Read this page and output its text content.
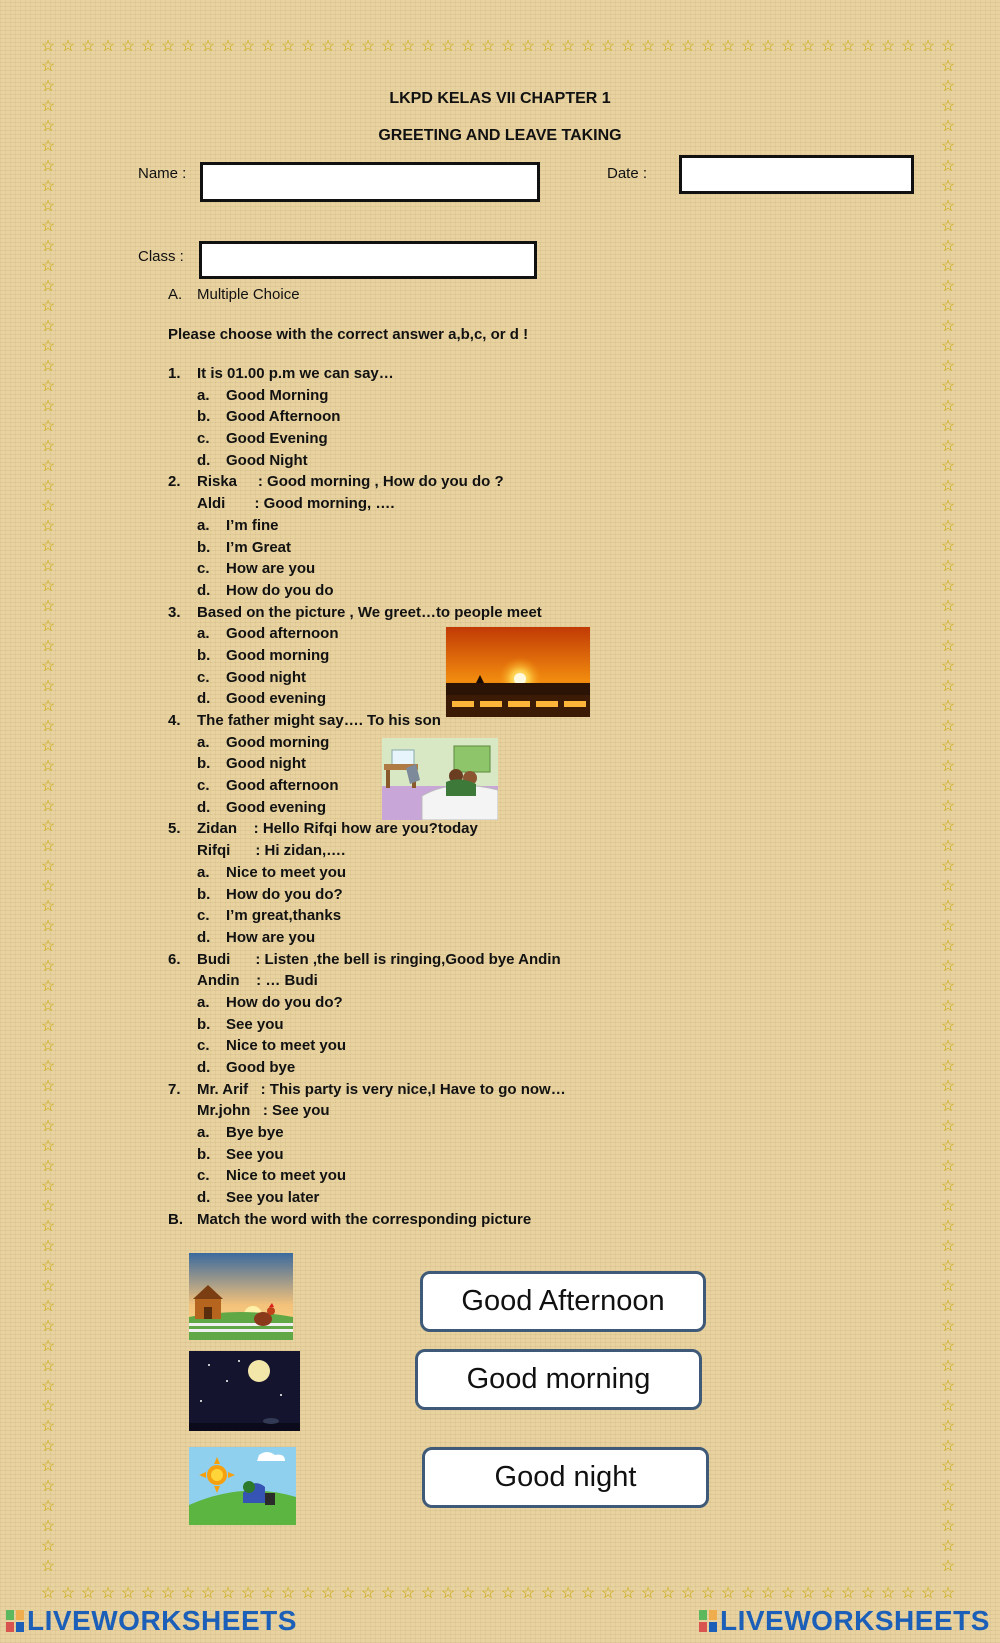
☆ ☆ ☆ ☆ ☆ ☆ ☆ ☆ ☆ ☆ ☆ ☆ ☆ ☆ ☆ ☆ ☆ ☆ ☆ ☆ ☆ ☆ ☆ ☆ ☆ ☆ ☆ ☆ ☆ ☆ ☆ ☆ ☆ ☆ ☆ ☆ ☆ ☆ ☆ ☆ ☆ ☆ ☆ ☆ ☆ ☆
☆ ☆ ☆ ☆ ☆ ☆ ☆ ☆ ☆ ☆ ☆ ☆ ☆ ☆ ☆ ☆ ☆ ☆ ☆ ☆ ☆ ☆ ☆ ☆ ☆ ☆ ☆ ☆ ☆ ☆ ☆ ☆ ☆ ☆ ☆ ☆ ☆ ☆ ☆ ☆ ☆ ☆ ☆ ☆ ☆ ☆
☆
☆
☆
☆
☆
☆
☆
☆
☆
☆
☆
☆
☆
☆
☆
☆
☆
☆
☆
☆
☆
☆
☆
☆
☆
☆
☆
☆
☆
☆
☆
☆
☆
☆
☆
☆
☆
☆
☆
☆
☆
☆
☆
☆
☆
☆
☆
☆
☆
☆
☆
☆
☆
☆
☆
☆
☆
☆
☆
☆
☆
☆
☆
☆
☆
☆
☆
☆
☆
☆
☆
☆
☆
☆
☆
☆

☆
☆
☆
☆
☆
☆
☆
☆
☆
☆
☆
☆
☆
☆
☆
☆
☆
☆
☆
☆
☆
☆
☆
☆
☆
☆
☆
☆
☆
☆
☆
☆
☆
☆
☆
☆
☆
☆
☆
☆
☆
☆
☆
☆
☆
☆
☆
☆
☆
☆
☆
☆
☆
☆
☆
☆
☆
☆
☆
☆
☆
☆
☆
☆
☆
☆
☆
☆
☆
☆
☆
☆
☆
☆
☆
☆

LKPD KELAS VII CHAPTER 1
GREETING AND LEAVE TAKING
Name :	Date :
Class :
A. Multiple Choice
Please choose with the correct answer a,b,c, or d !
1. It is 01.00 p.m we can say…
a. Good Morning
b. Good Afternoon
c. Good Evening
d. Good Night
2. Riska     : Good morning , How do you do ?
Aldi       : Good morning, ….
a. I’m fine
b. I’m Great
c. How are you
d. How do you do
3. Based on the picture , We greet…to people meet
a. Good afternoon
b. Good morning
c. Good night
d. Good evening
4. The father might say…. To his son
a. Good morning
b. Good night
c. Good afternoon
d. Good evening
5. Zidan    : Hello Rifqi how are you?today
Rifqi      : Hi zidan,….
a. Nice to meet you
b. How do you do?
c. I’m great,thanks
d. How are you
6. Budi      : Listen ,the bell is ringing,Good bye Andin
Andin    : … Budi
a. How do you do?
b. See you
c. Nice to meet you
d. Good bye
7. Mr. Arif   : This party is very nice,I Have to go now…
Mr.john   : See you
a. Bye bye
b. See you
c. Nice to meet you
d. See you later
B. Match the word with the corresponding picture
Good Afternoon
Good morning
Good night
LIVEWORKSHEETS	LIVEWORKSHEETS
